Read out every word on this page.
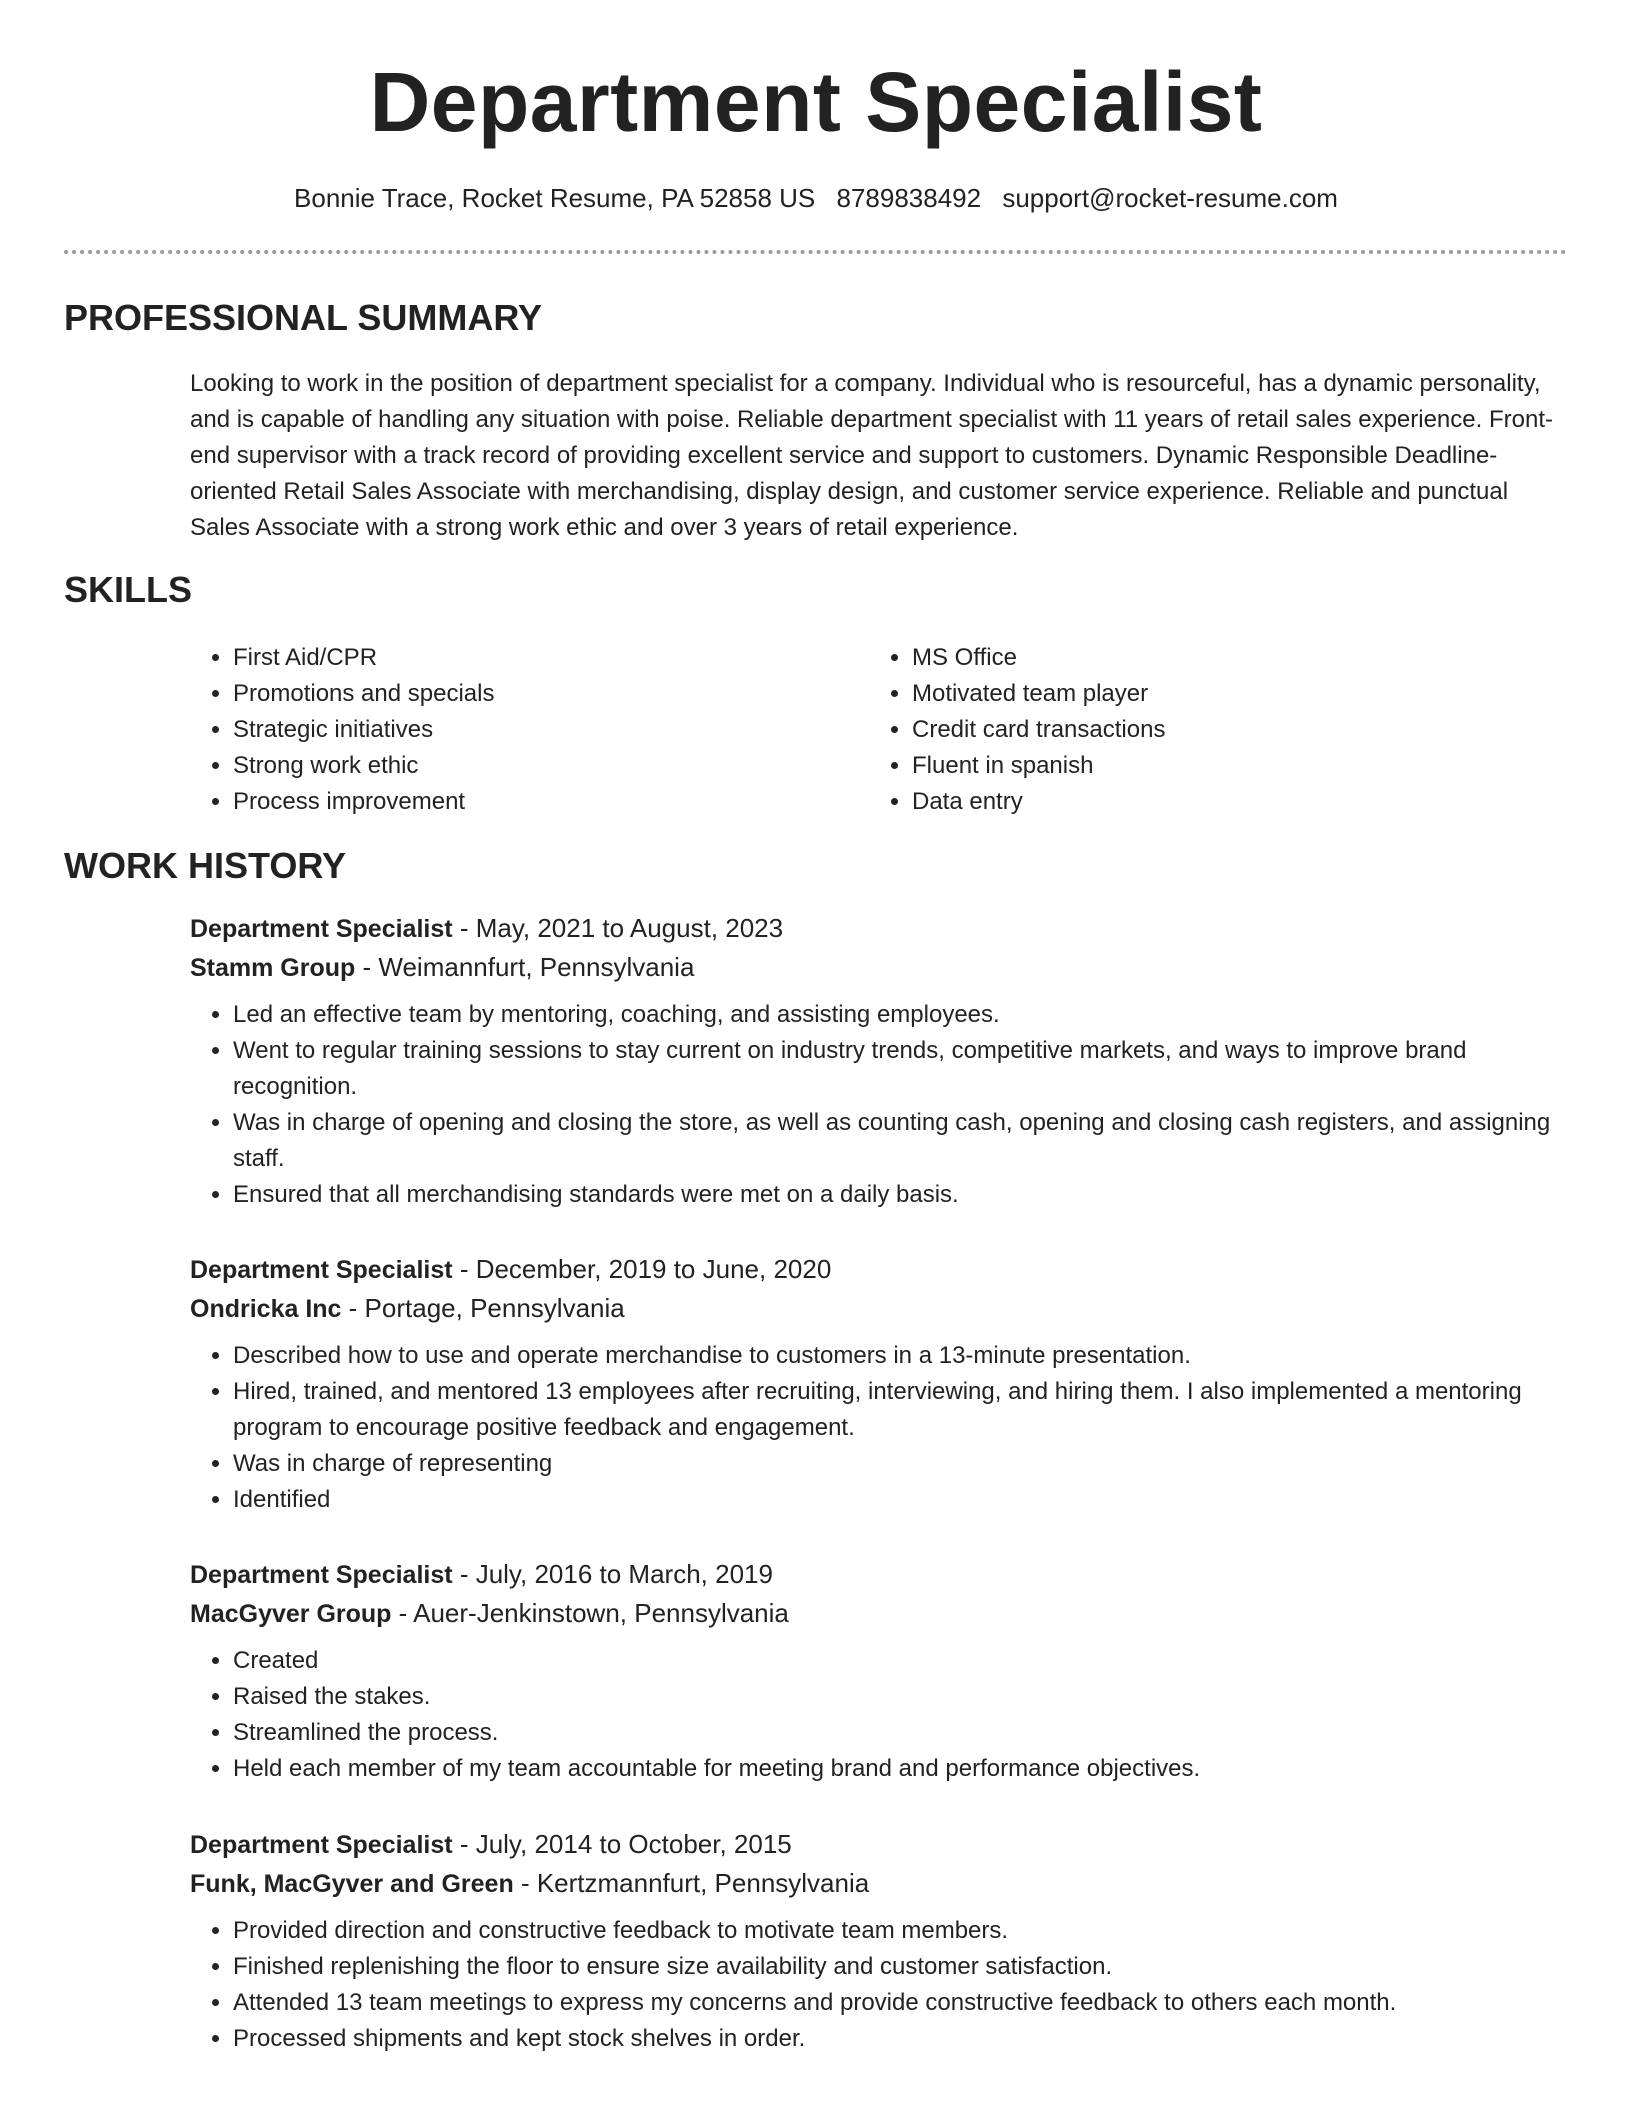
Department Specialist
Bonnie Trace, Rocket Resume, PA 52858 US 8789838492 support@rocket-resume.com
PROFESSIONAL SUMMARY

Looking to work in the position of department specialist for a company. Individual who is resourceful, has a dynamic personality, and is capable of handling any situation with poise. Reliable department specialist with 11 years of retail sales experience. Front-end supervisor with a track record of providing excellent service and support to customers. Dynamic Responsible Deadline-oriented Retail Sales Associate with merchandising, display design, and customer service experience. Reliable and punctual Sales Associate with a strong work ethic and over 3 years of retail experience.

SKILLS
• First Aid/CPR
• Promotions and specials
• Strategic initiatives
• Strong work ethic
• Process improvement
• MS Office
• Motivated team player
• Credit card transactions
• Fluent in spanish
• Data entry
WORK HISTORY
Department Specialist - May, 2021 to August, 2023
Stamm Group - Weimannfurt, Pennsylvania
• Led an effective team by mentoring, coaching, and assisting employees.
• Went to regular training sessions to stay current on industry trends, competitive markets, and ways to improve brand recognition.
• Was in charge of opening and closing the store, as well as counting cash, opening and closing cash registers, and assigning staff.
• Ensured that all merchandising standards were met on a daily basis.
Department Specialist - December, 2019 to June, 2020
Ondricka Inc - Portage, Pennsylvania
• Described how to use and operate merchandise to customers in a 13-minute presentation.
• Hired, trained, and mentored 13 employees after recruiting, interviewing, and hiring them. I also implemented a mentoring program to encourage positive feedback and engagement.
• Was in charge of representing
• Identified
Department Specialist - July, 2016 to March, 2019
MacGyver Group - Auer-Jenkinstown, Pennsylvania
• Created
• Raised the stakes.
• Streamlined the process.
• Held each member of my team accountable for meeting brand and performance objectives.
Department Specialist - July, 2014 to October, 2015
Funk, MacGyver and Green - Kertzmannfurt, Pennsylvania
• Provided direction and constructive feedback to motivate team members.
• Finished replenishing the floor to ensure size availability and customer satisfaction.
• Attended 13 team meetings to express my concerns and provide constructive feedback to others each month.
• Processed shipments and kept stock shelves in order.
